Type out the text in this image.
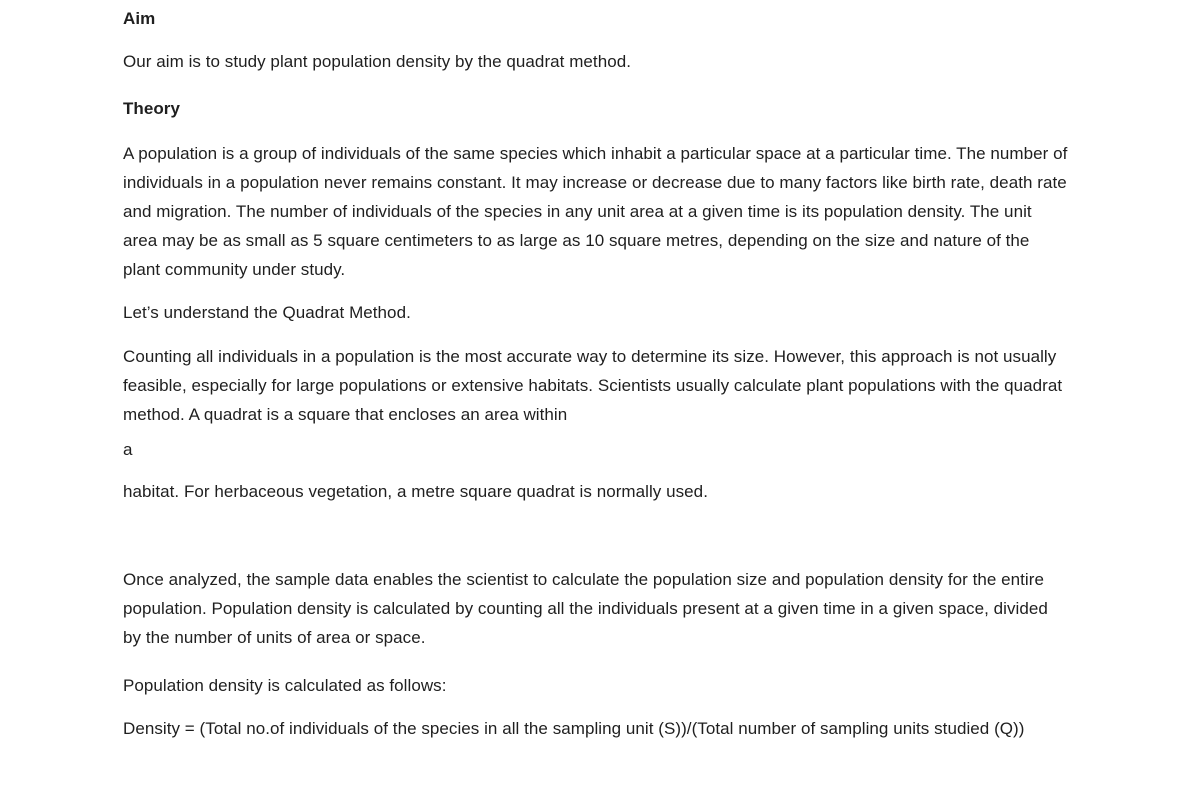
Aim

Our aim is to study plant population density by the quadrat method.

Theory

A population is a group of individuals of the same species which inhabit a particular space at a particular time. The number of individuals in a population never remains constant. It may increase or decrease due to many factors like birth rate, death rate and migration. The number of individuals of the species in any unit area at a given time is its population density. The unit area may be as small as 5 square centimeters to as large as 10 square metres, depending on the size and nature of the plant community under study.

Let’s understand the Quadrat Method.

Counting all individuals in a population is the most accurate way to determine its size. However, this approach is not usually feasible, especially for large populations or extensive habitats. Scientists usually calculate plant populations with the quadrat method. A quadrat is a square that encloses an area within

a

habitat. For herbaceous vegetation, a metre square quadrat is normally used.

Once analyzed, the sample data enables the scientist to calculate the population size and population density for the entire population. Population density is calculated by counting all the individuals present at a given time in a given space, divided by the number of units of area or space.

Population density is calculated as follows:

Density = (Total no.of individuals of the species in all the sampling unit (S))/(Total number of sampling units studied (Q))
